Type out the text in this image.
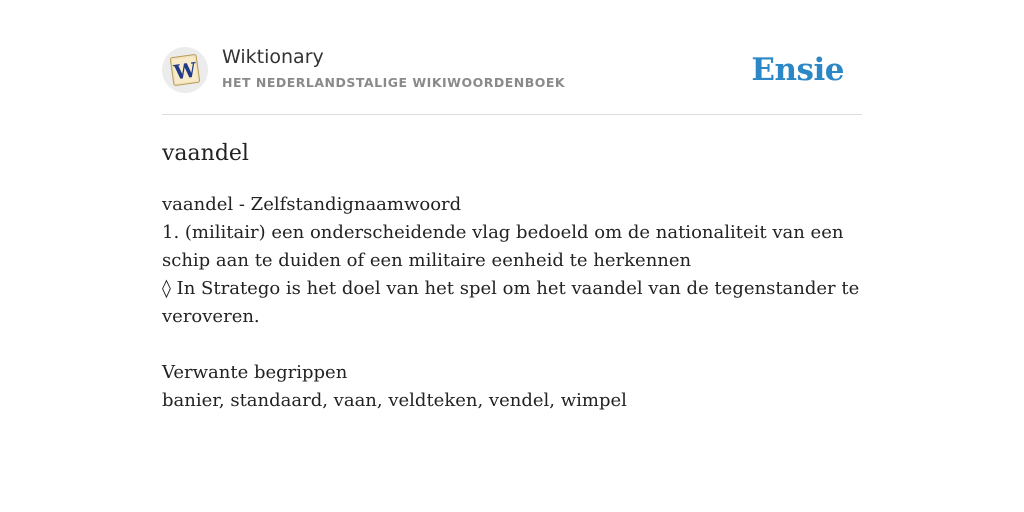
W
Wiktionary
HET NEDERLANDSTALIGE WIKIWOORDENBOEK	Ensie
vaandel

vaandel - Zelfstandignaamwoord

1. (militair) een onderscheidende vlag bedoeld om de nationaliteit van een schip aan te duiden of een militaire eenheid te herkennen

◊ In Stratego is het doel van het spel om het vaandel van de tegenstander te veroveren.

Verwante begrippen

banier, standaard, vaan, veldteken, vendel, wimpel
